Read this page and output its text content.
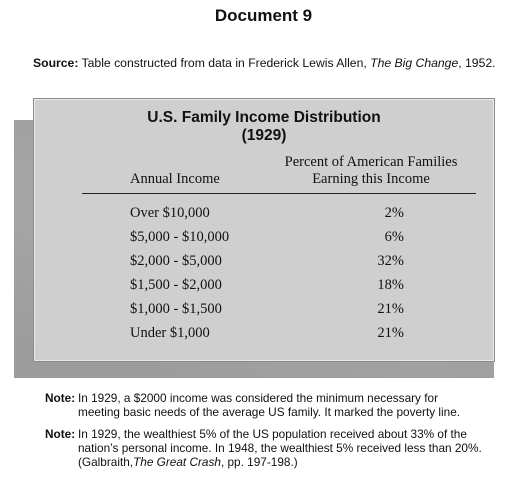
Document 9
Source: Table constructed from data in Frederick Lewis Allen, The Big Change, 1952.
U.S. Family Income Distribution
(1929)
Annual Income
Percent of American Families
Earning this Income
Over $10,000	2%
$5,000 - $10,000	6%
$2,000 - $5,000	32%
$1,500 - $2,000	18%
$1,000 - $1,500	21%
Under $1,000	21%
Note: In 1929, a $2000 income was considered the minimum necessary for
meeting basic needs of the average US family. It marked the poverty line.
Note: In 1929, the wealthiest 5% of the US population received about 33% of the
nation’s personal income. In 1948, the wealthiest 5% received less than 20%.
(Galbraith,The Great Crash, pp. 197-198.)
